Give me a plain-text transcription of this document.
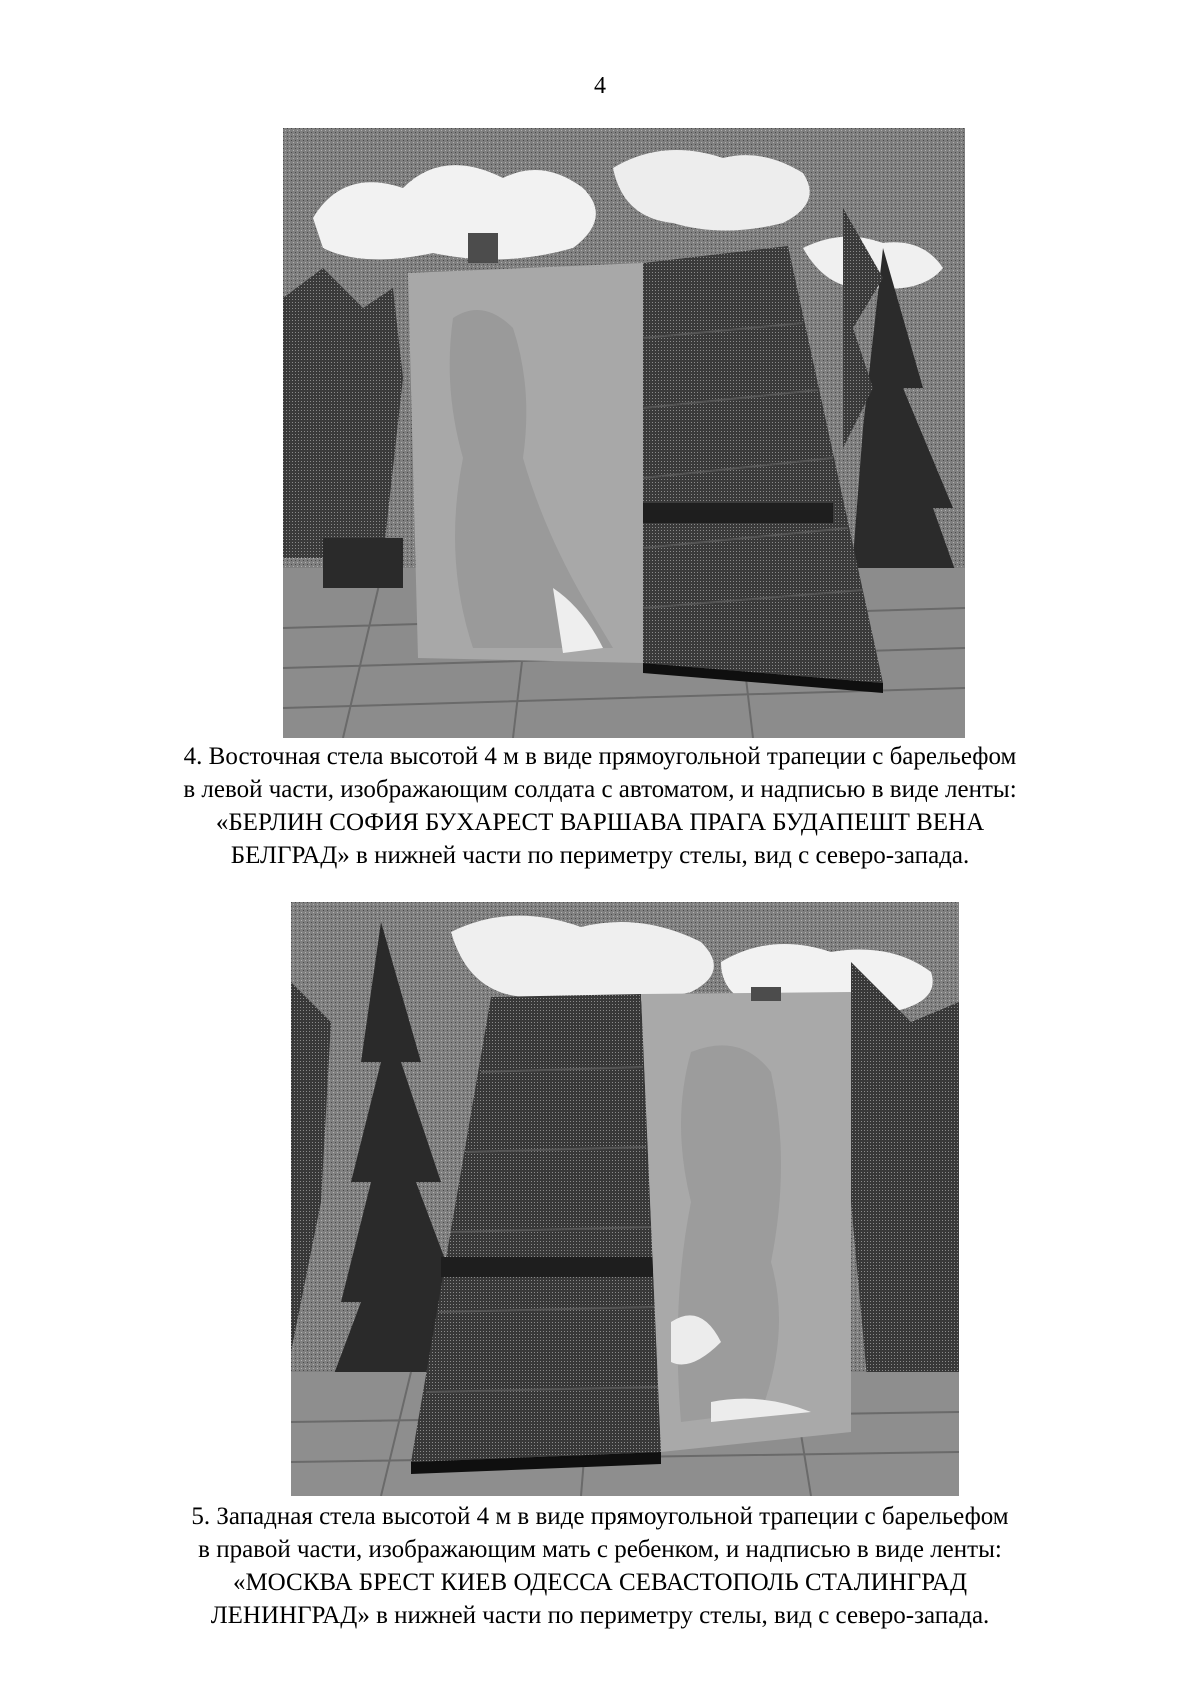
4
4. Восточная стела высотой 4 м в виде прямоугольной трапеции с барельефом
в левой части, изображающим солдата с автоматом, и надписью в виде ленты:
«БЕРЛИН СОФИЯ БУХАРЕСТ ВАРШАВА ПРАГА БУДАПЕШТ ВЕНА
БЕЛГРАД» в нижней части по периметру стелы, вид с северо-запада.
5. Западная стела высотой 4 м в виде прямоугольной трапеции с барельефом
в правой части, изображающим мать с ребенком, и надписью в виде ленты:
«МОСКВА БРЕСТ КИЕВ ОДЕССА СЕВАСТОПОЛЬ СТАЛИНГРАД
ЛЕНИНГРАД» в нижней части по периметру стелы, вид с северо-запада.
